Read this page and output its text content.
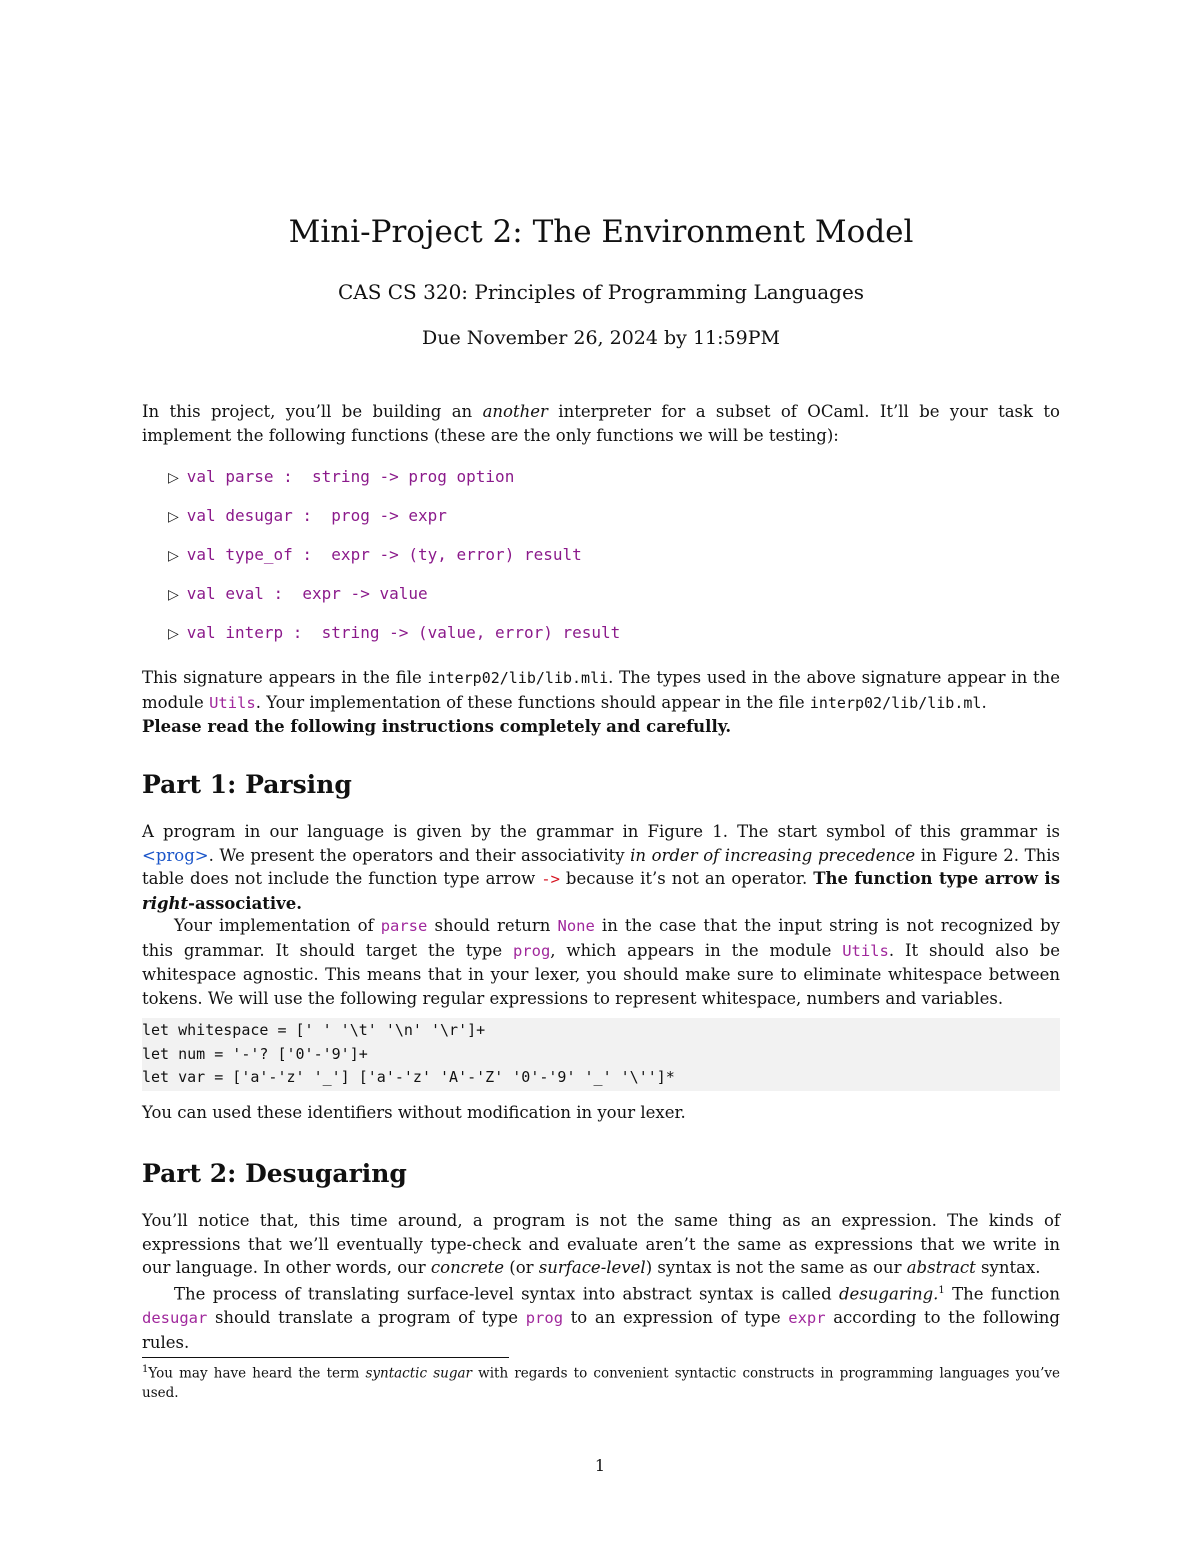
Mini-Project 2: The Environment Model
CAS CS 320: Principles of Programming Languages
Due November 26, 2024 by 11:59PM

In this project, you’ll be building an another interpreter for a subset of OCaml. It’ll be your task to implement the following functions (these are the only functions we will be testing):

▷ val parse : string -> prog option
▷ val desugar : prog -> expr
▷ val type_of : expr -> (ty, error) result
▷ val eval : expr -> value
▷ val interp : string -> (value, error) result

This signature appears in the file interp02/lib/lib.mli. The types used in the above signature appear in the module Utils. Your implementation of these functions should appear in the file interp02/lib/lib.ml.
Please read the following instructions completely and carefully.

Part 1: Parsing

A program in our language is given by the grammar in Figure 1. The start symbol of this grammar is <prog>. We present the operators and their associativity in order of increasing precedence in Figure 2. This table does not include the function type arrow -> because it’s not an operator. The function type arrow is right-associative.

Your implementation of parse should return None in the case that the input string is not recognized by this grammar. It should target the type prog, which appears in the module Utils. It should also be whitespace agnostic. This means that in your lexer, you should make sure to eliminate whitespace between tokens. We will use the following regular expressions to represent whitespace, numbers and variables.

let whitespace = [' ' '\t' '\n' '\r']+
let num = '-'? ['0'-'9']+
let var = ['a'-'z' '_'] ['a'-'z' 'A'-'Z' '0'-'9' '_' '\'']*

You can used these identifiers without modification in your lexer.

Part 2: Desugaring

You’ll notice that, this time around, a program is not the same thing as an expression. The kinds of expressions that we’ll eventually type-check and evaluate aren’t the same as expressions that we write in our language. In other words, our concrete (or surface-level) syntax is not the same as our abstract syntax.

The process of translating surface-level syntax into abstract syntax is called desugaring.$^1$ The function desugar should translate a program of type prog to an expression of type expr according to the following rules.

$^1$You may have heard the term syntactic sugar with regards to convenient syntactic constructs in programming languages you’ve used.
1
